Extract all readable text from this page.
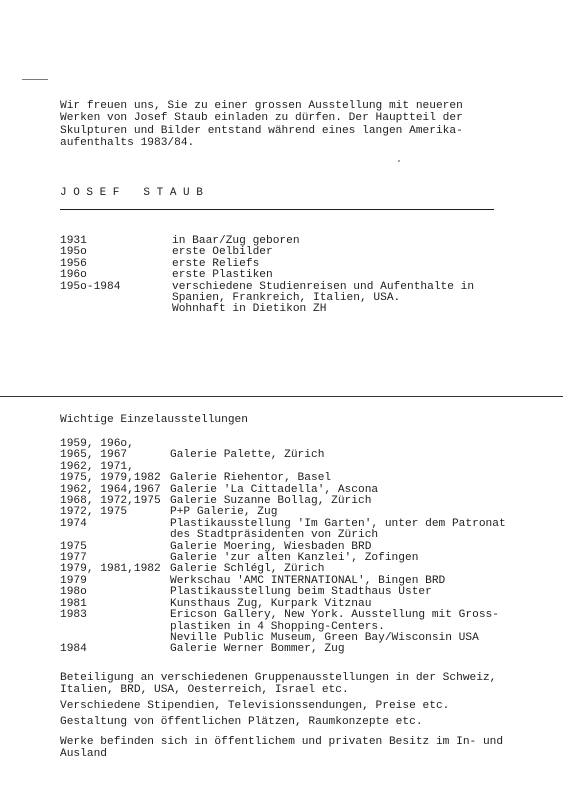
Wir freuen uns, Sie zu einer grossen Ausstellung mit neueren
Werken von Josef Staub einladen zu dürfen. Der Hauptteil der
Skulpturen und Bilder entstand während eines langen Amerika-
aufenthalts 1983/84.
J O S E F S T A U B
1931	in Baar/Zug geboren
195o	erste Oelbilder
1956	erste Reliefs
196o	erste Plastiken
195o-1984	verschiedene Studienreisen und Aufenthalte in
Spanien, Frankreich, Italien, USA.
Wohnhaft in Dietikon ZH
Wichtige Einzelausstellungen
1959, 196o,
1965, 1967	Galerie Palette, Zürich
1962, 1971,
1975, 1979,1982 Galerie Riehentor, Basel
1962, 1964,1967 Galerie 'La Cittadella', Ascona
1968, 1972,1975 Galerie Suzanne Bollag, Zürich
1972, 1975	P+P Galerie, Zug
1974	Plastikausstellung 'Im Garten', unter dem Patronat
des Stadtpräsidenten von Zürich
1975	Galerie Moering, Wiesbaden BRD
1977	Galerie 'zur alten Kanzlei', Zofingen
1979, 1981,1982 Galerie Schlégl, Zürich
1979	Werkschau 'AMC INTERNATIONAL', Bingen BRD
198o	Plastikausstellung beim Stadthaus Uster
1981	Kunsthaus Zug, Kurpark Vitznau
1983	Ericson Gallery, New York. Ausstellung mit Gross-
plastiken in 4 Shopping-Centers.
Neville Public Museum, Green Bay/Wisconsin USA
1984	Galerie Werner Bommer, Zug
Beteiligung an verschiedenen Gruppenausstellungen in der Schweiz,
Italien, BRD, USA, Oesterreich, Israel etc.
Verschiedene Stipendien, Televisionssendungen, Preise etc.
Gestaltung von öffentlichen Plätzen, Raumkonzepte etc.
Werke befinden sich in öffentlichem und privaten Besitz im In- und
Ausland
